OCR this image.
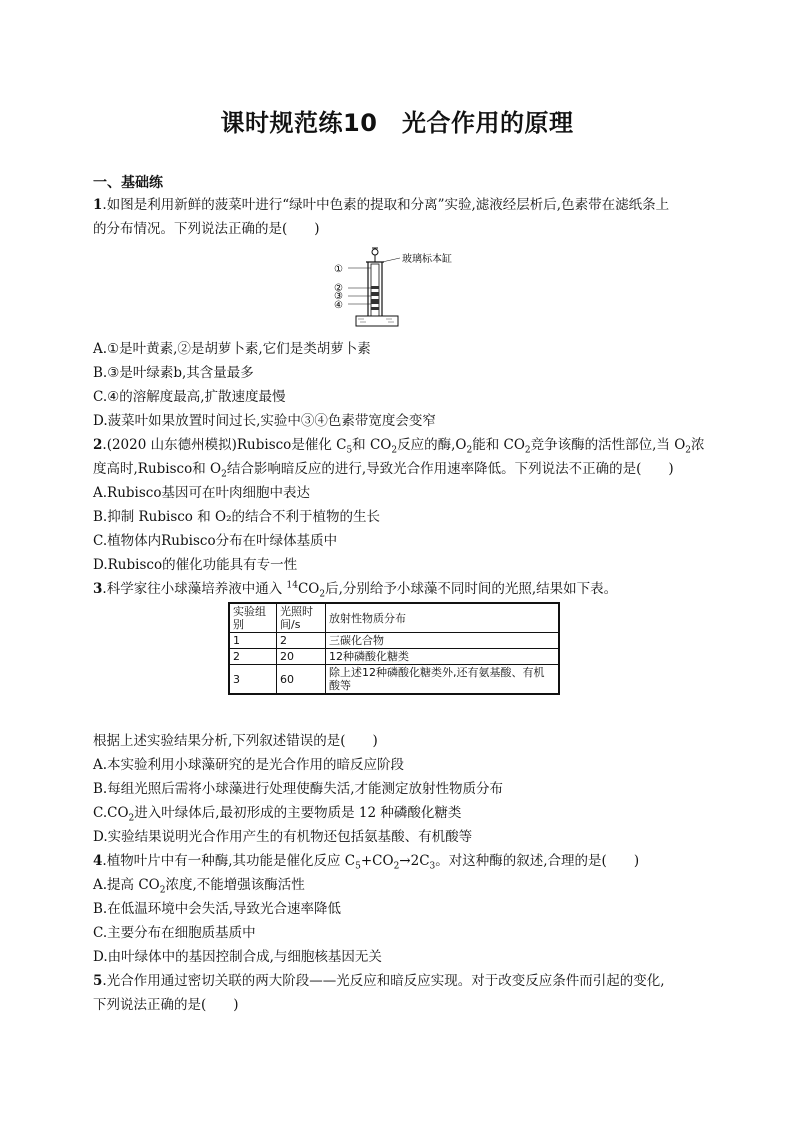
课时规范练10　光合作用的原理
一、基础练
1.如图是利用新鲜的菠菜叶进行“绿叶中色素的提取和分离”实验,滤液经层析后,色素带在滤纸条上
的分布情况。下列说法正确的是(　　)
①
②
③
④
玻璃标本缸
A.①是叶黄素,②是胡萝卜素,它们是类胡萝卜素
B.③是叶绿素b,其含量最多
C.④的溶解度最高,扩散速度最慢
D.菠菜叶如果放置时间过长,实验中③④色素带宽度会变窄
2.(2020 山东德州模拟)Rubisco是催化 $C_5$和 $CO_2$反应的酶$,O_2$能和 $CO_2$竞争该酶的活性部位,当 $O_2$浓
度高时,Rubisco和 $O_2$结合影响暗反应的进行,导致光合作用速率降低。下列说法不正确的是(　　)
A.Rubisco基因可在叶肉细胞中表达
B.抑制 Rubisco 和 O₂的结合不利于植物的生长
C.植物体内Rubisco分布在叶绿体基质中
D.Rubisco的催化功能具有专一性
3.科学家往小球藻培养液中通入 $^{14}CO_2$后,分别给予小球藻不同时间的光照,结果如下表。
实验组别	光照时间/s	放射性物质分布
1	2	三碳化合物
2	20	12种磷酸化糖类
3	60	除上述12种磷酸化糖类外,还有氨基酸、有机酸等
根据上述实验结果分析,下列叙述错误的是(　　)
A.本实验利用小球藻研究的是光合作用的暗反应阶段
B.每组光照后需将小球藻进行处理使酶失活,才能测定放射性物质分布
$C.CO_2$进入叶绿体后,最初形成的主要物质是 12 种磷酸化糖类
D.实验结果说明光合作用产生的有机物还包括氨基酸、有机酸等
4.植物叶片中有一种酶,其功能是催化反应 $C_5+CO_2\to 2C_3$。对这种酶的叙述,合理的是(　　)
A.提高 $CO_2$浓度,不能增强该酶活性
B.在低温环境中会失活,导致光合速率降低
C.主要分布在细胞质基质中
D.由叶绿体中的基因控制合成,与细胞核基因无关
5.光合作用通过密切关联的两大阶段——光反应和暗反应实现。对于改变反应条件而引起的变化,
下列说法正确的是(　　)
